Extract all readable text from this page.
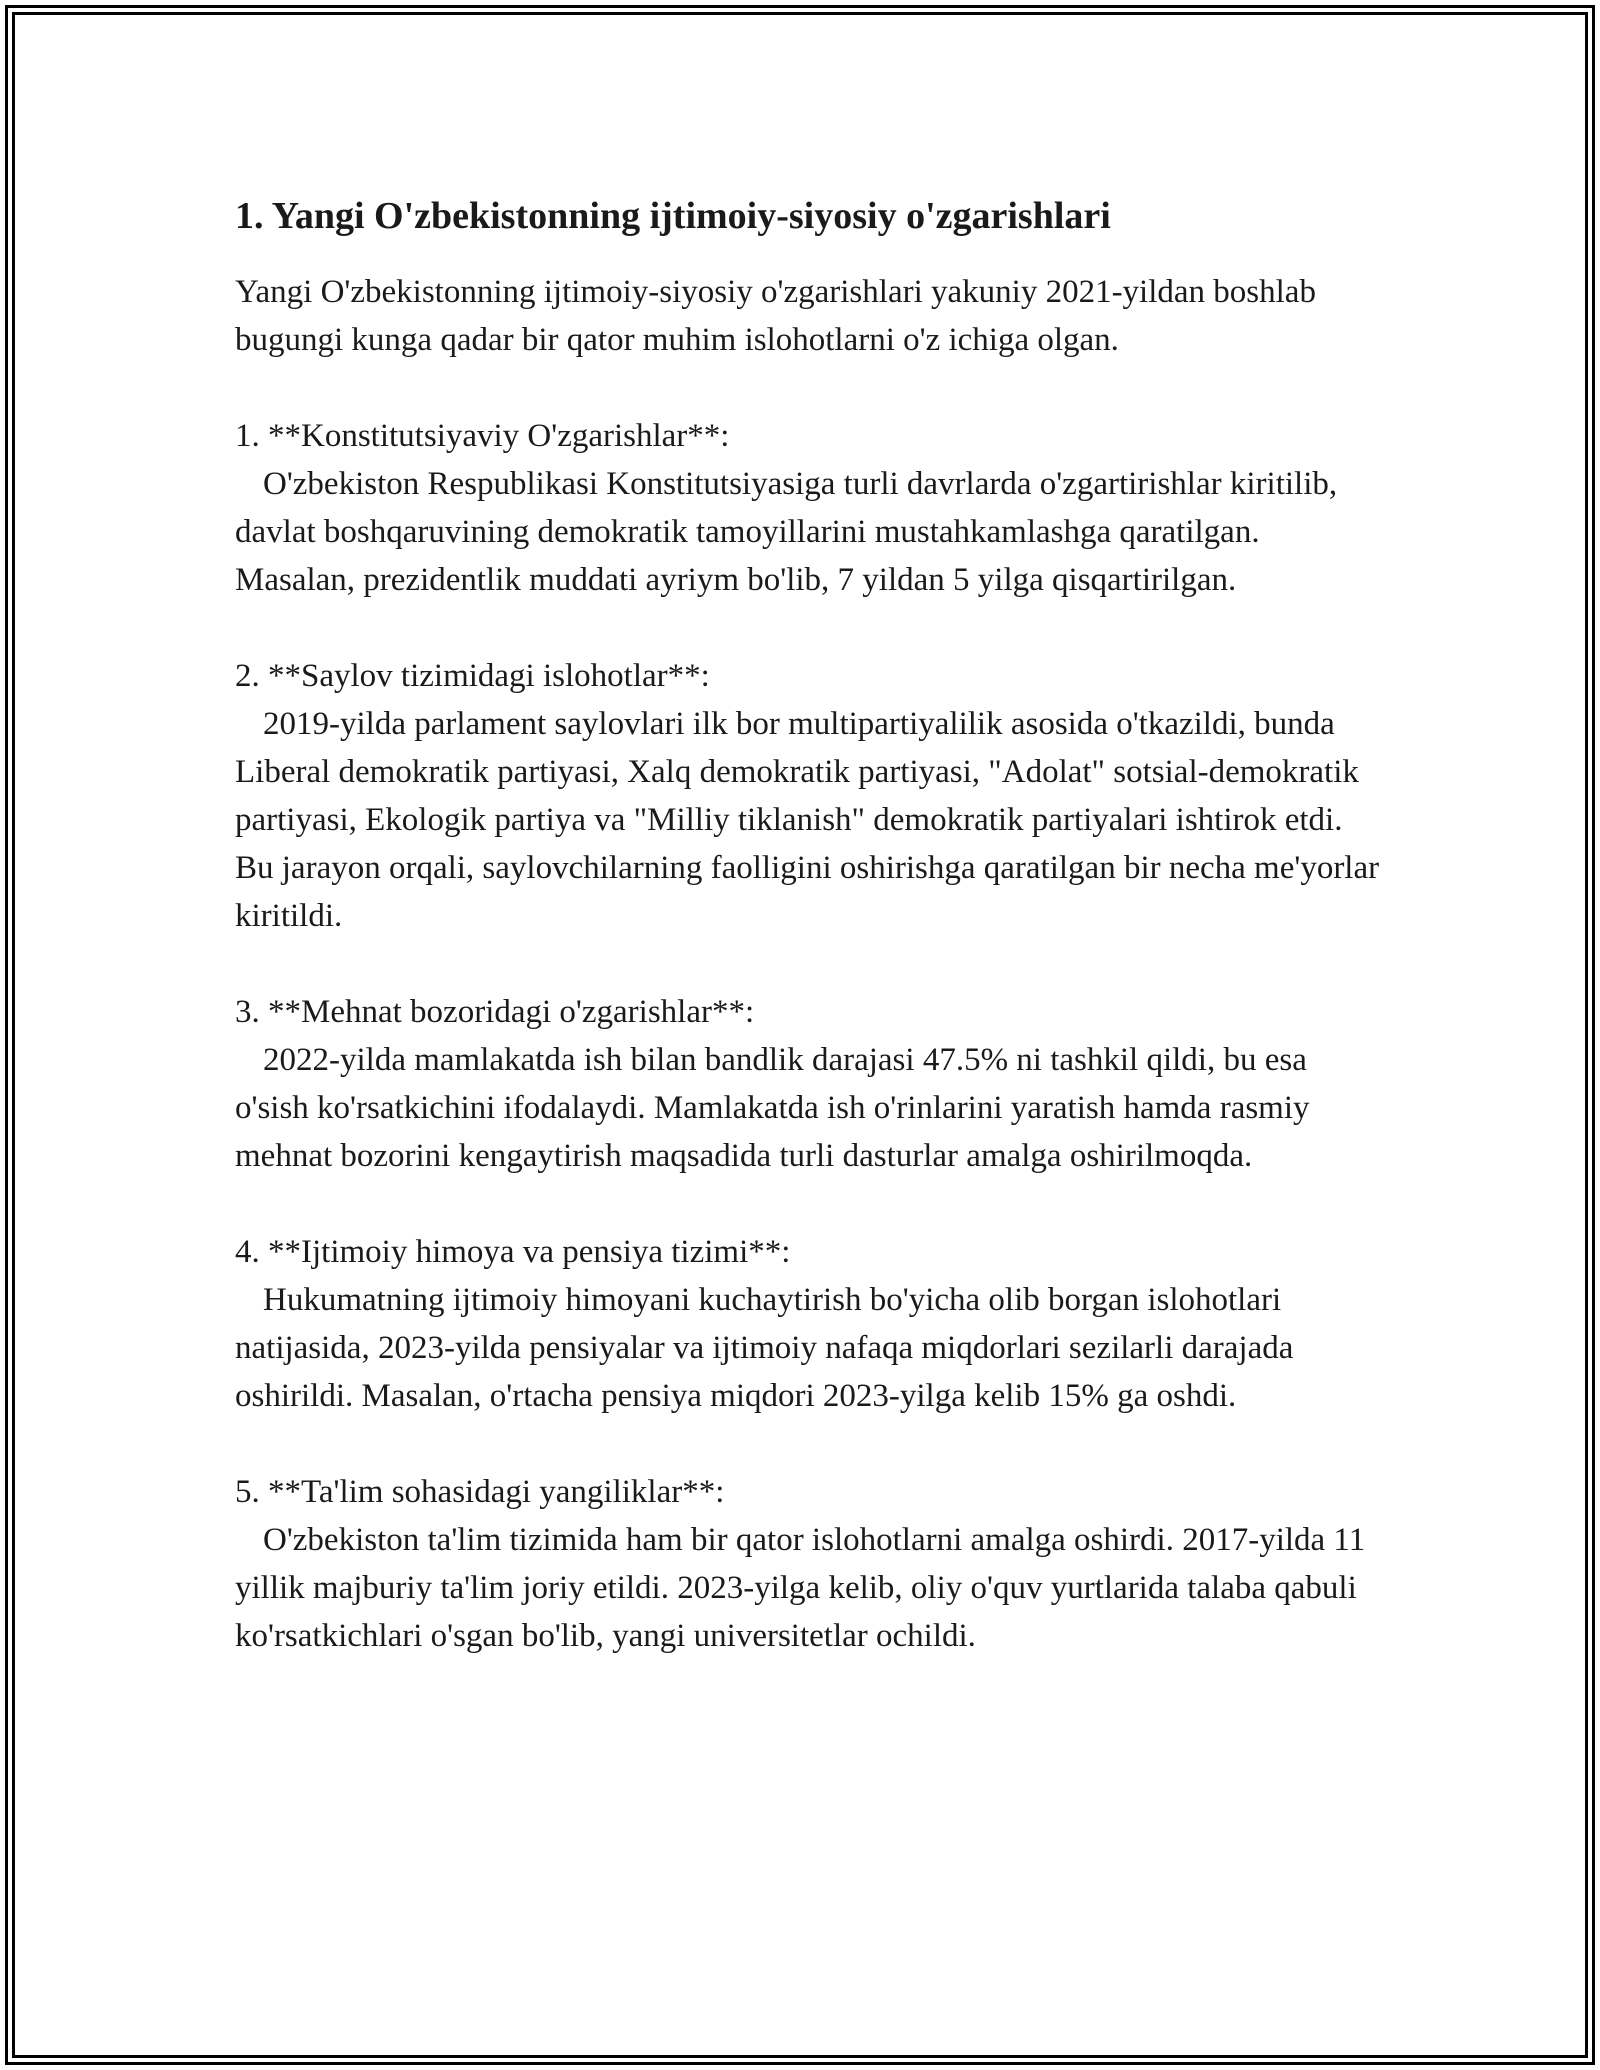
1. Yangi O'zbekistonning ijtimoiy-siyosiy o'zgarishlari

Yangi O'zbekistonning ijtimoiy-siyosiy o'zgarishlari yakuniy 2021-yildan boshlab bugungi kunga qadar bir qator muhim islohotlarni o'z ichiga olgan.

1. **Konstitutsiyaviy O'zgarishlar**:
O'zbekiston Respublikasi Konstitutsiyasiga turli davrlarda o'zgartirishlar kiritilib, davlat boshqaruvining demokratik tamoyillarini mustahkamlashga qaratilgan. Masalan, prezidentlik muddati ayriym bo'lib, 7 yildan 5 yilga qisqartirilgan.
2. **Saylov tizimidagi islohotlar**:
2019-yilda parlament saylovlari ilk bor multipartiyalilik asosida o'tkazildi, bunda Liberal demokratik partiyasi, Xalq demokratik partiyasi, "Adolat" sotsial-demokratik partiyasi, Ekologik partiya va "Milliy tiklanish" demokratik partiyalari ishtirok etdi. Bu jarayon orqali, saylovchilarning faolligini oshirishga qaratilgan bir necha me'yorlar kiritildi.
3. **Mehnat bozoridagi o'zgarishlar**:
2022-yilda mamlakatda ish bilan bandlik darajasi 47.5% ni tashkil qildi, bu esa o'sish ko'rsatkichini ifodalaydi. Mamlakatda ish o'rinlarini yaratish hamda rasmiy mehnat bozorini kengaytirish maqsadida turli dasturlar amalga oshirilmoqda.
4. **Ijtimoiy himoya va pensiya tizimi**:
Hukumatning ijtimoiy himoyani kuchaytirish bo'yicha olib borgan islohotlari natijasida, 2023-yilda pensiyalar va ijtimoiy nafaqa miqdorlari sezilarli darajada oshirildi. Masalan, o'rtacha pensiya miqdori 2023-yilga kelib 15% ga oshdi.
5. **Ta'lim sohasidagi yangiliklar**:
O'zbekiston ta'lim tizimida ham bir qator islohotlarni amalga oshirdi. 2017-yilda 11 yillik majburiy ta'lim joriy etildi. 2023-yilga kelib, oliy o'quv yurtlarida talaba qabuli ko'rsatkichlari o'sgan bo'lib, yangi universitetlar ochildi.
